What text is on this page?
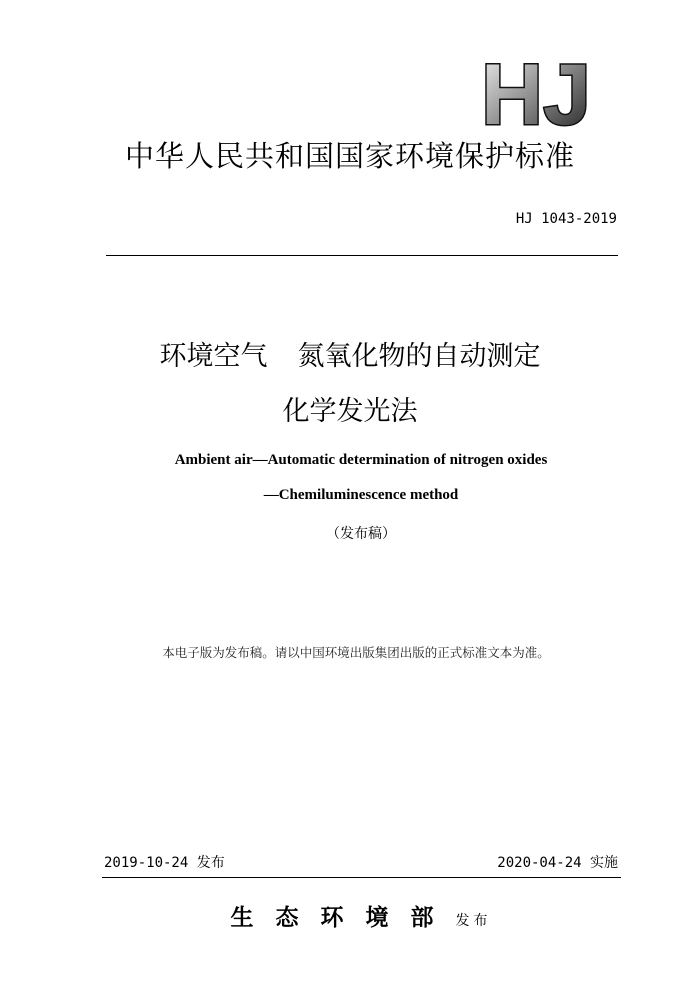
HJ
中华人民共和国国家环境保护标准
HJ 1043-2019
环境空气 氮氧化物的自动测定
化学发光法
Ambient air—Automatic determination of nitrogen oxides
—Chemiluminescence method
（发布稿）
本电子版为发布稿。请以中国环境出版集团出版的正式标准文本为准。
2019-10-24 发布	2020-04-24 实施
生态环境部发布
